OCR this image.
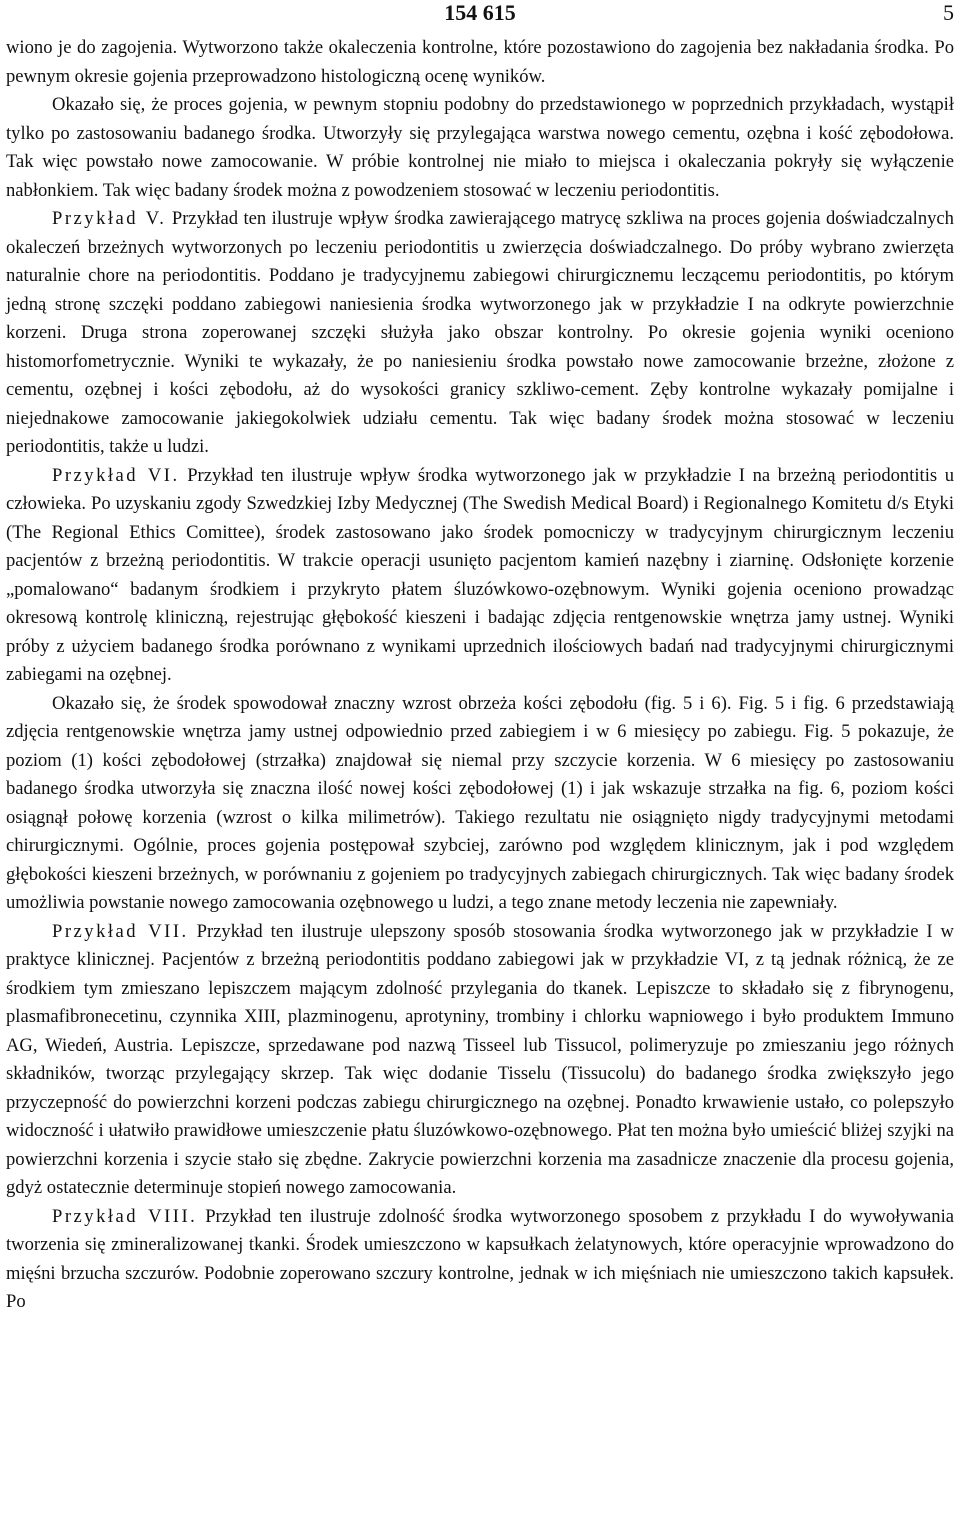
154 615	5

wiono je do zagojenia. Wytworzono także okaleczenia kontrolne, które pozostawiono do zagojenia bez nakładania środka. Po pewnym okresie gojenia przeprowadzono histologiczną ocenę wyników.

Okazało się, że proces gojenia, w pewnym stopniu podobny do przedstawionego w poprzednich przykładach, wystąpił tylko po zastosowaniu badanego środka. Utworzyły się przylegająca warstwa nowego cementu, ozębna i kość zębodołowa. Tak więc powstało nowe zamocowanie. W próbie kontrolnej nie miało to miejsca i okaleczania pokryły się wyłączenie nabłonkiem. Tak więc badany środek można z powodzeniem stosować w leczeniu periodontitis.

Przykład V. Przykład ten ilustruje wpływ środka zawierającego matrycę szkliwa na proces gojenia doświadczalnych okaleczeń brzeżnych wytworzonych po leczeniu periodontitis u zwierzęcia doświadczalnego. Do próby wybrano zwierzęta naturalnie chore na periodontitis. Poddano je tradycyjnemu zabiegowi chirurgicznemu leczącemu periodontitis, po którym jedną stronę szczęki poddano zabiegowi naniesienia środka wytworzonego jak w przykładzie I na odkryte powierzchnie korzeni. Druga strona zoperowanej szczęki służyła jako obszar kontrolny. Po okresie gojenia wyniki oceniono histomorfometrycznie. Wyniki te wykazały, że po naniesieniu środka powstało nowe zamocowanie brzeżne, złożone z cementu, ozębnej i kości zębodołu, aż do wysokości granicy szkliwo-cement. Zęby kontrolne wykazały pomijalne i niejednakowe zamocowanie jakiegokolwiek udziału cementu. Tak więc badany środek można stosować w leczeniu periodontitis, także u ludzi.

Przykład VI. Przykład ten ilustruje wpływ środka wytworzonego jak w przykładzie I na brzeżną periodontitis u człowieka. Po uzyskaniu zgody Szwedzkiej Izby Medycznej (The Swedish Medical Board) i Regionalnego Komitetu d/s Etyki (The Regional Ethics Comittee), środek zastosowano jako środek pomocniczy w tradycyjnym chirurgicznym leczeniu pacjentów z brzeżną periodontitis. W trakcie operacji usunięto pacjentom kamień nazębny i ziarninę. Odsłonięte korzenie „pomalowano“ badanym środkiem i przykryto płatem śluzówkowo-ozębnowym. Wyniki gojenia oceniono prowadząc okresową kontrolę kliniczną, rejestrując głębokość kieszeni i badając zdjęcia rentgenowskie wnętrza jamy ustnej. Wyniki próby z użyciem badanego środka porównano z wynikami uprzednich ilościowych badań nad tradycyjnymi chirurgicznymi zabiegami na ozębnej.

Okazało się, że środek spowodował znaczny wzrost obrzeża kości zębodołu (fig. 5 i 6). Fig. 5 i fig. 6 przedstawiają zdjęcia rentgenowskie wnętrza jamy ustnej odpowiednio przed zabiegiem i w 6 miesięcy po zabiegu. Fig. 5 pokazuje, że poziom (1) kości zębodołowej (strzałka) znajdował się niemal przy szczycie korzenia. W 6 miesięcy po zastosowaniu badanego środka utworzyła się znaczna ilość nowej kości zębodołowej (1) i jak wskazuje strzałka na fig. 6, poziom kości osiągnął połowę korzenia (wzrost o kilka milimetrów). Takiego rezultatu nie osiągnięto nigdy tradycyjnymi metodami chirurgicznymi. Ogólnie, proces gojenia postępował szybciej, zarówno pod względem klinicznym, jak i pod względem głębokości kieszeni brzeżnych, w porównaniu z gojeniem po tradycyjnych zabiegach chirurgicznych. Tak więc badany środek umożliwia powstanie nowego zamocowania ozębnowego u ludzi, a tego znane metody leczenia nie zapewniały.

Przykład VII. Przykład ten ilustruje ulepszony sposób stosowania środka wytworzonego jak w przykładzie I w praktyce klinicznej. Pacjentów z brzeżną periodontitis poddano zabiegowi jak w przykładzie VI, z tą jednak różnicą, że ze środkiem tym zmieszano lepiszczem mającym zdolność przylegania do tkanek. Lepiszcze to składało się z fibrynogenu, plasmafibronecetinu, czynnika XIII, plazminogenu, aprotyniny, trombiny i chlorku wapniowego i było produktem Immuno AG, Wiedeń, Austria. Lepiszcze, sprzedawane pod nazwą Tisseel lub Tissucol, polimeryzuje po zmieszaniu jego różnych składników, tworząc przylegający skrzep. Tak więc dodanie Tisselu (Tissucolu) do badanego środka zwiększyło jego przyczepność do powierzchni korzeni podczas zabiegu chirurgicznego na ozębnej. Ponadto krwawienie ustało, co polepszyło widoczność i ułatwiło prawidłowe umieszczenie płatu śluzówkowo-ozębnowego. Płat ten można było umieścić bliżej szyjki na powierzchni korzenia i szycie stało się zbędne. Zakrycie powierzchni korzenia ma zasadnicze znaczenie dla procesu gojenia, gdyż ostatecznie determinuje stopień nowego zamocowania.

Przykład VIII. Przykład ten ilustruje zdolność środka wytworzonego sposobem z przykładu I do wywoływania tworzenia się zmineralizowanej tkanki. Środek umieszczono w kapsułkach żelatynowych, które operacyjnie wprowadzono do mięśni brzucha szczurów. Podobnie zoperowano szczury kontrolne, jednak w ich mięśniach nie umieszczono takich kapsułek. Po
